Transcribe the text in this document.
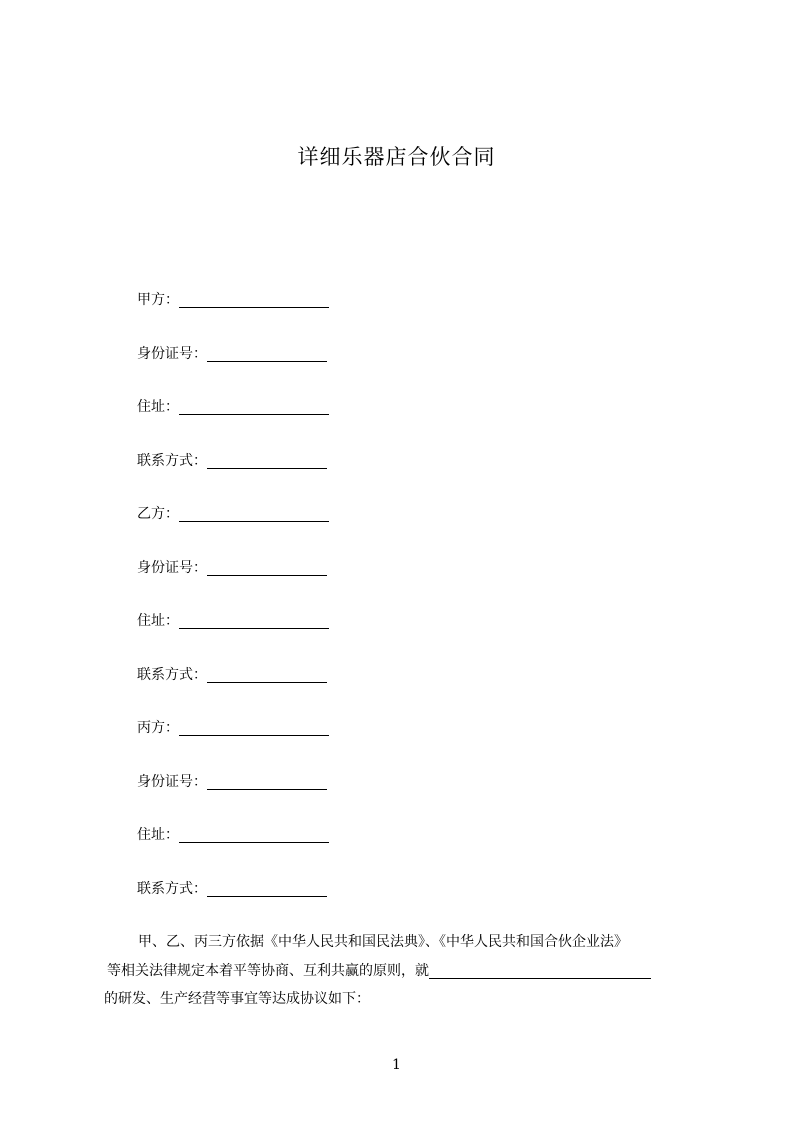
详细乐器店合伙合同
甲方：
身份证号：
住址：
联系方式：
乙方：
身份证号：
住址：
联系方式：
丙方：
身份证号：
住址：
联系方式：
甲、乙、丙三方依据《中华人民共和国民法典》、《中华人民共和国合伙企业法》
等相关法律规定本着平等协商、互利共赢的原则，就
的研发、生产经营等事宜等达成协议如下：
1
